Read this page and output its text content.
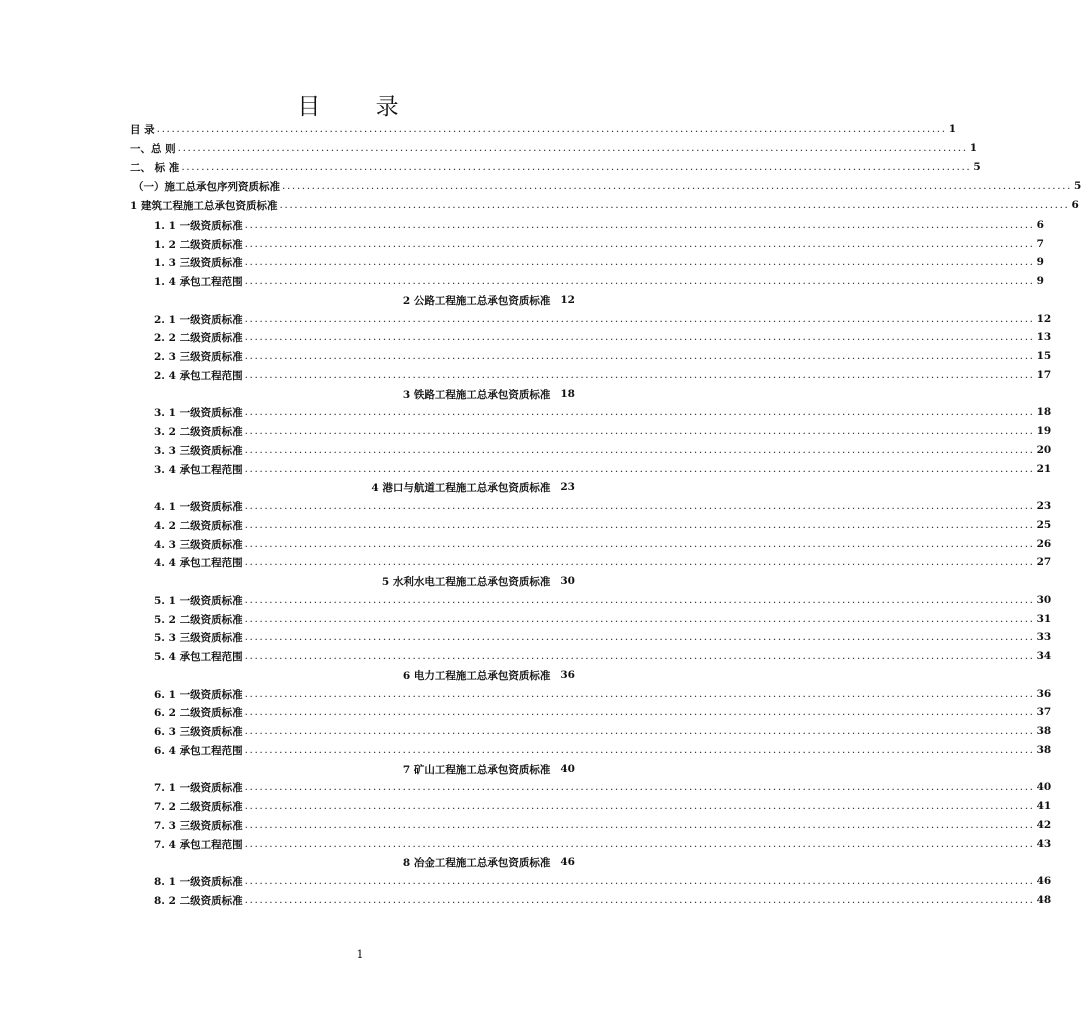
目 录
目 录 ................................................................................................................................................................ 1
一、总 则 ................................................................................................................................................................ 1
二、 标 准 ................................................................................................................................................................ 5
（一）施工总承包序列资质标准 ................................................................................................................................................................ 5
1 建筑工程施工总承包资质标准 ................................................................................................................................................................ 6
1. 1 一级资质标准 ................................................................................................................................................................ 6
1. 2 二级资质标准 ................................................................................................................................................................ 7
1. 3 三级资质标准 ................................................................................................................................................................ 9
1. 4 承包工程范围 ................................................................................................................................................................ 9
2 公路工程施工总承包资质标准 12
2. 1 一级资质标准 ................................................................................................................................................................ 12
2. 2 二级资质标准 ................................................................................................................................................................ 13
2. 3 三级资质标准 ................................................................................................................................................................ 15
2. 4 承包工程范围 ................................................................................................................................................................ 17
3 铁路工程施工总承包资质标准 18
3. 1 一级资质标准 ................................................................................................................................................................ 18
3. 2 二级资质标准 ................................................................................................................................................................ 19
3. 3 三级资质标准 ................................................................................................................................................................ 20
3. 4 承包工程范围 ................................................................................................................................................................ 21
4 港口与航道工程施工总承包资质标准 23
4. 1 一级资质标准 ................................................................................................................................................................ 23
4. 2 二级资质标准 ................................................................................................................................................................ 25
4. 3 三级资质标准 ................................................................................................................................................................ 26
4. 4 承包工程范围 ................................................................................................................................................................ 27
5 水利水电工程施工总承包资质标准 30
5. 1 一级资质标准 ................................................................................................................................................................ 30
5. 2 二级资质标准 ................................................................................................................................................................ 31
5. 3 三级资质标准 ................................................................................................................................................................ 33
5. 4 承包工程范围 ................................................................................................................................................................ 34
6 电力工程施工总承包资质标准 36
6. 1 一级资质标准 ................................................................................................................................................................ 36
6. 2 二级资质标准 ................................................................................................................................................................ 37
6. 3 三级资质标准 ................................................................................................................................................................ 38
6. 4 承包工程范围 ................................................................................................................................................................ 38
7 矿山工程施工总承包资质标准 40
7. 1 一级资质标准 ................................................................................................................................................................ 40
7. 2 二级资质标准 ................................................................................................................................................................ 41
7. 3 三级资质标准 ................................................................................................................................................................ 42
7. 4 承包工程范围 ................................................................................................................................................................ 43
8 冶金工程施工总承包资质标准 46
8. 1 一级资质标准 ................................................................................................................................................................ 46
8. 2 二级资质标准 ................................................................................................................................................................ 48
1
